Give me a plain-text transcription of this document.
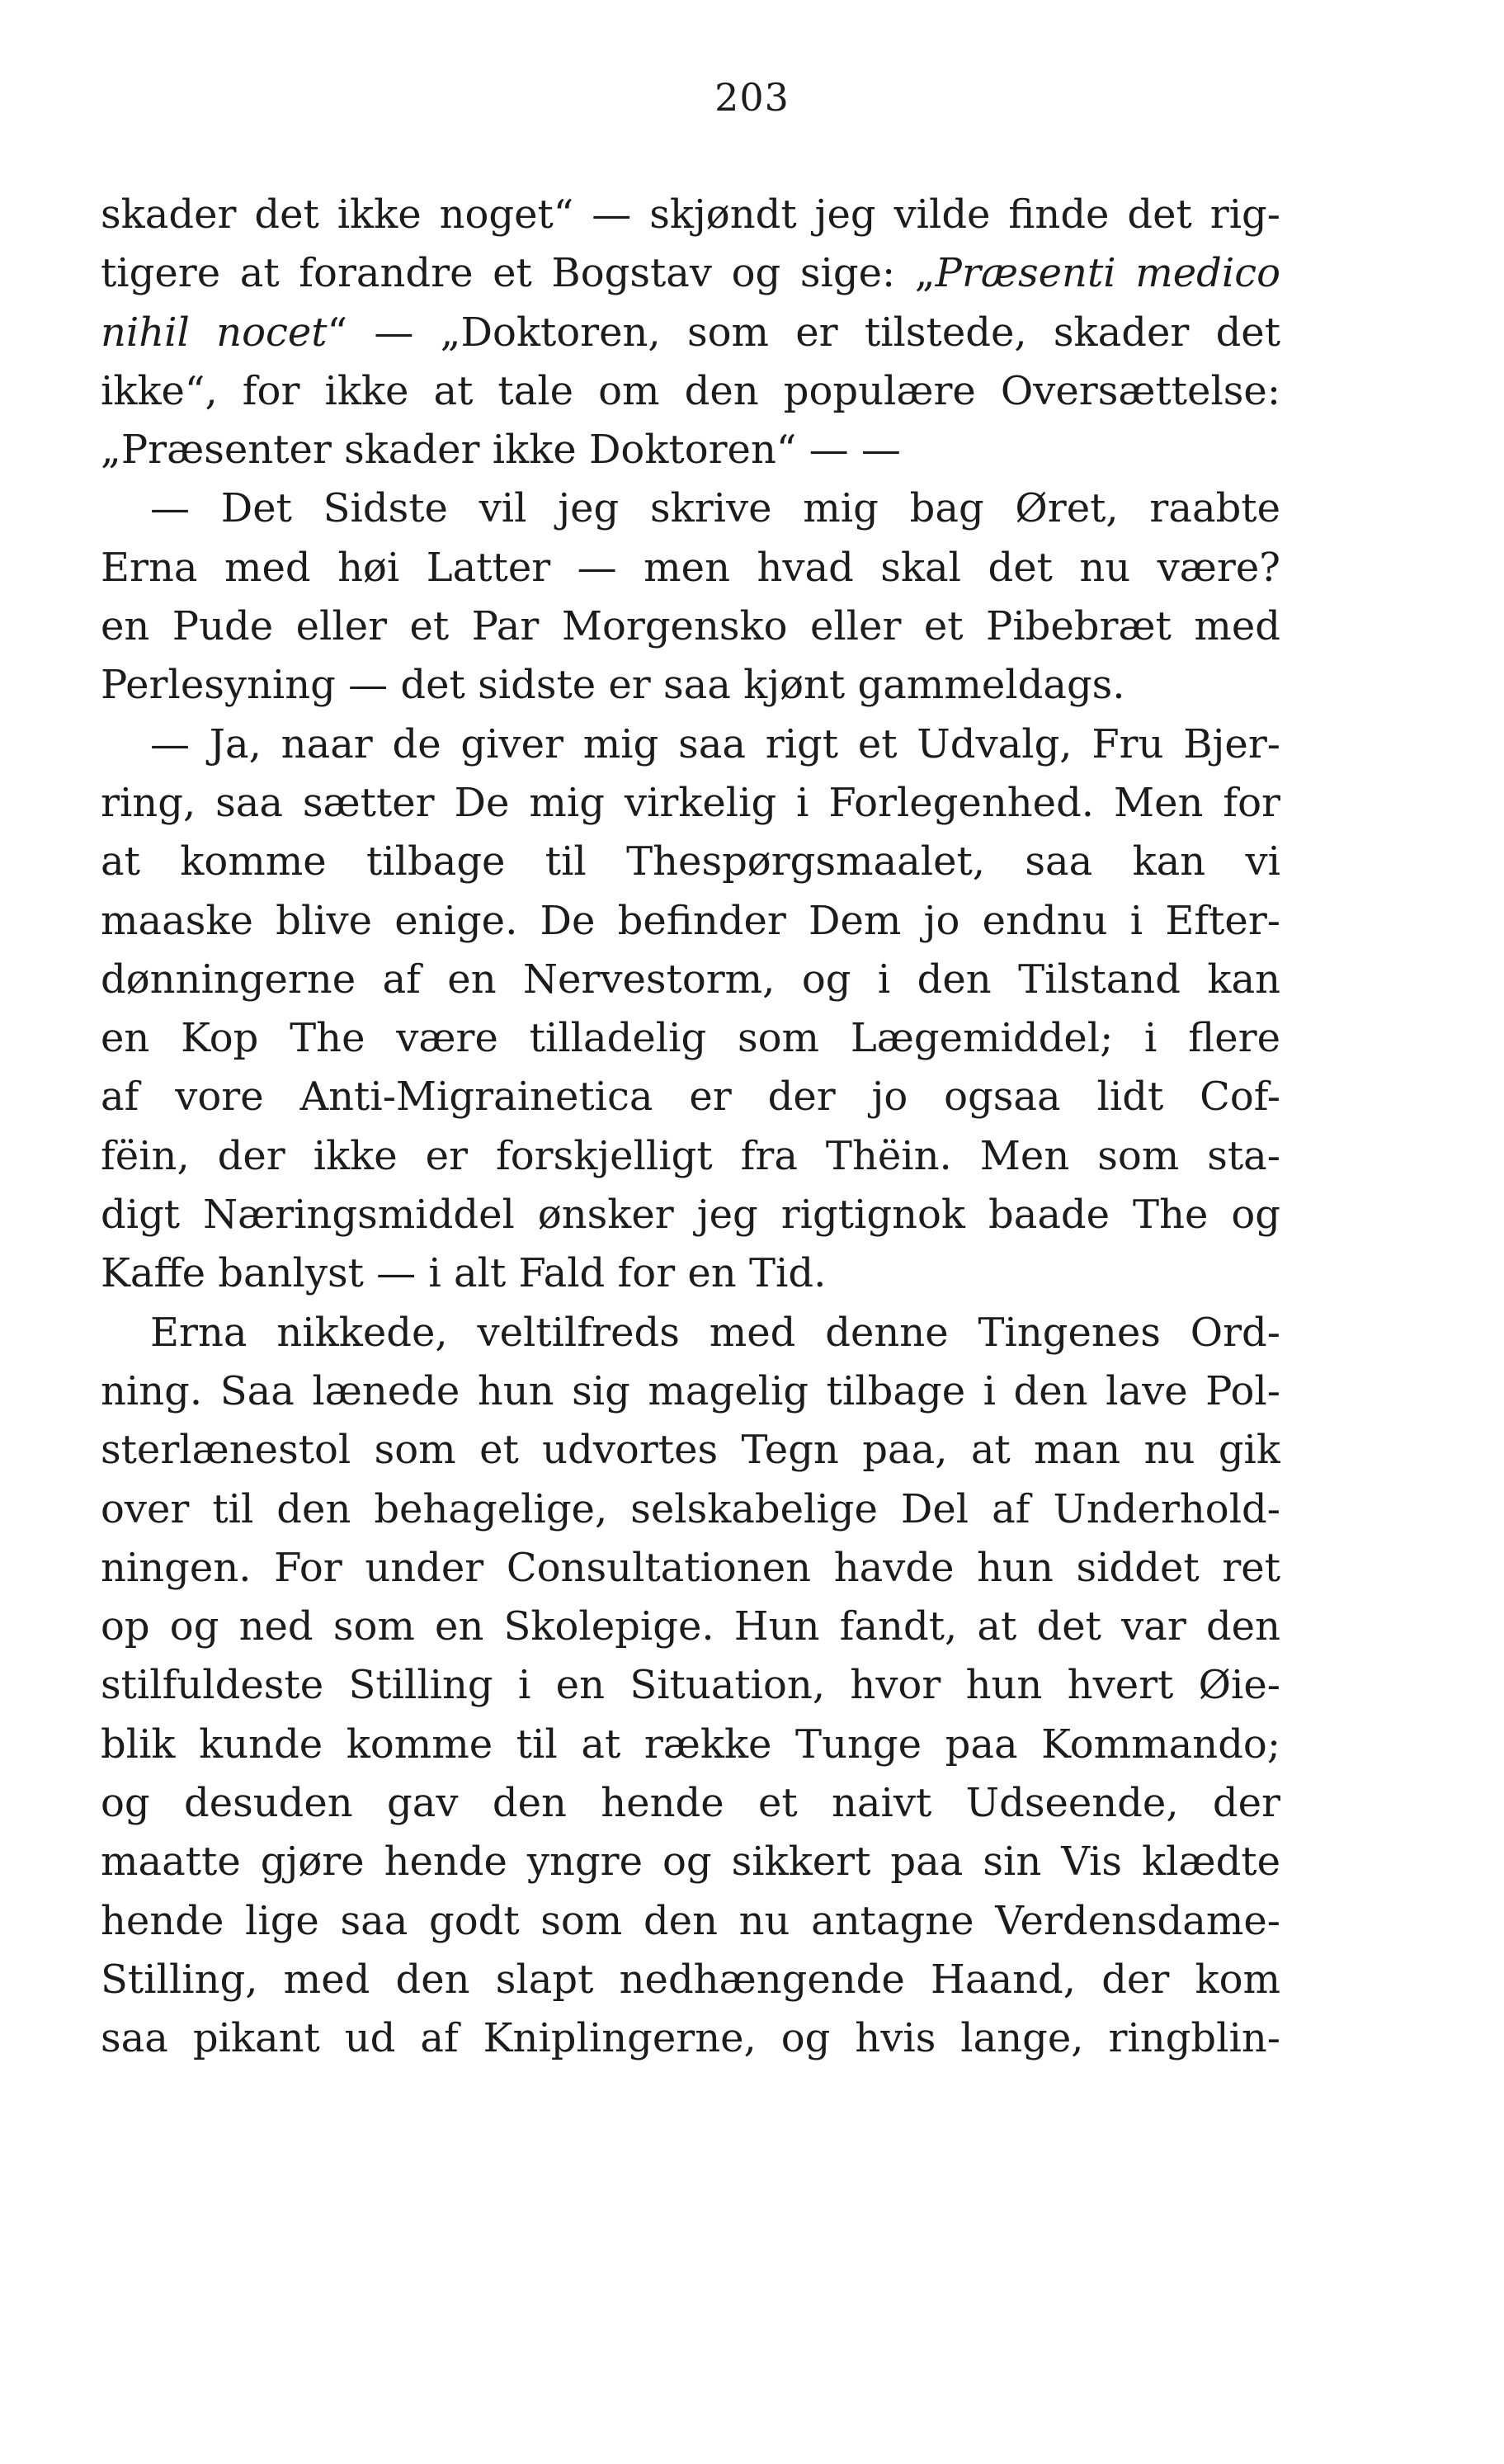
203
skader det ikke noget“ — skjøndt jeg vilde finde det rig-
tigere at forandre et Bogstav og sige: „Præsenti medico
nihil nocet“ — „Doktoren, som er tilstede, skader det
ikke“, for ikke at tale om den populære Oversættelse:
„Præsenter skader ikke Doktoren“ — —
— Det Sidste vil jeg skrive mig bag Øret, raabte
Erna med høi Latter — men hvad skal det nu være?
en Pude eller et Par Morgensko eller et Pibebræt med
Perlesyning — det sidste er saa kjønt gammeldags.
— Ja, naar de giver mig saa rigt et Udvalg, Fru Bjer-
ring, saa sætter De mig virkelig i Forlegenhed. Men for
at komme tilbage til Thespørgsmaalet, saa kan vi
maaske blive enige. De befinder Dem jo endnu i Efter-
dønningerne af en Nervestorm, og i den Tilstand kan
en Kop The være tilladelig som Lægemiddel; i flere
af vore Anti-Migrainetica er der jo ogsaa lidt Cof-
fëin, der ikke er forskjelligt fra Thëin. Men som sta-
digt Næringsmiddel ønsker jeg rigtignok baade The og
Kaffe banlyst — i alt Fald for en Tid.
Erna nikkede, veltilfreds med denne Tingenes Ord-
ning. Saa lænede hun sig magelig tilbage i den lave Pol-
sterlænestol som et udvortes Tegn paa, at man nu gik
over til den behagelige, selskabelige Del af Underhold-
ningen. For under Consultationen havde hun siddet ret
op og ned som en Skolepige. Hun fandt, at det var den
stilfuldeste Stilling i en Situation, hvor hun hvert Øie-
blik kunde komme til at række Tunge paa Kommando;
og desuden gav den hende et naivt Udseende, der
maatte gjøre hende yngre og sikkert paa sin Vis klædte
hende lige saa godt som den nu antagne Verdensdame-
Stilling, med den slapt nedhængende Haand, der kom
saa pikant ud af Kniplingerne, og hvis lange, ringblin-
